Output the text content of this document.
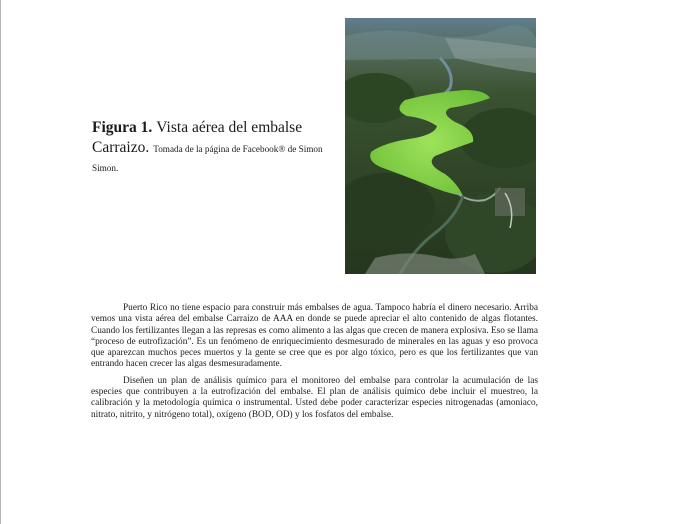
Figura 1. Vista aérea del embalse Carraizo. Tomada de la página de Facebook® de Simon Simon.

Puerto Rico no tiene espacio para construir más embalses de agua. Tampoco habría el dinero necesario. Arriba vemos una vista aérea del embalse Carraizo de AAA en donde se puede apreciar el alto contenido de algas flotantes. Cuando los fertilizantes llegan a las represas es como alimento a las algas que crecen de manera explosiva. Eso se llama “proceso de eutrofización”. Es un fenómeno de enriquecimiento desmesurado de minerales en las aguas y eso provoca que aparezcan muchos peces muertos y la gente se cree que es por algo tóxico, pero es que los fertilizantes que van entrando hacen crecer las algas desmesuradamente.

Diseñen un plan de análisis químico para el monitoreo del embalse para controlar la acumulación de las especies que contribuyen a la eutrofización del embalse. El plan de análisis químico debe incluir el muestreo, la calibración y la metodología química o instrumental. Usted debe poder caracterizar especies nitrogenadas (amoniaco, nitrato, nitrito, y nitrógeno total), oxígeno (BOD, OD) y los fosfatos del embalse.
